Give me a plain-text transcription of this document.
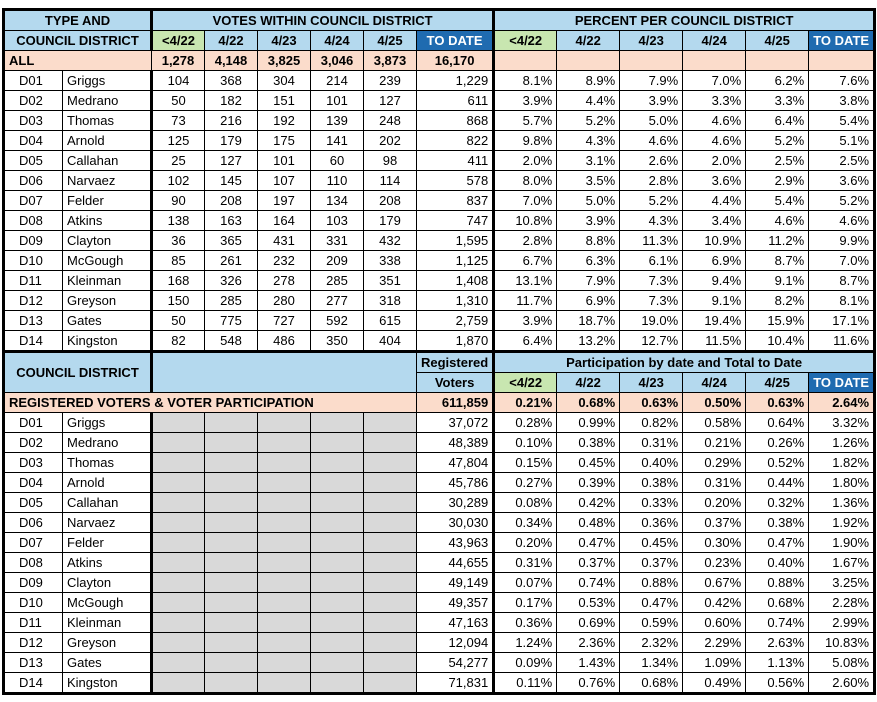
TYPE AND		VOTES WITHIN COUNCIL DISTRICT						PERCENT PER COUNCIL DISTRICT					
COUNCIL DISTRICT		<4/22	4/22	4/23	4/24	4/25	TO DATE	<4/22	4/22	4/23	4/24	4/25	TO DATE
ALL		1,278	4,148	3,825	3,046	3,873	16,170						
D01	Griggs	104	368	304	214	239	1,229	8.1%	8.9%	7.9%	7.0%	6.2%	7.6%
D02	Medrano	50	182	151	101	127	611	3.9%	4.4%	3.9%	3.3%	3.3%	3.8%
D03	Thomas	73	216	192	139	248	868	5.7%	5.2%	5.0%	4.6%	6.4%	5.4%
D04	Arnold	125	179	175	141	202	822	9.8%	4.3%	4.6%	4.6%	5.2%	5.1%
D05	Callahan	25	127	101	60	98	411	2.0%	3.1%	2.6%	2.0%	2.5%	2.5%
D06	Narvaez	102	145	107	110	114	578	8.0%	3.5%	2.8%	3.6%	2.9%	3.6%
D07	Felder	90	208	197	134	208	837	7.0%	5.0%	5.2%	4.4%	5.4%	5.2%
D08	Atkins	138	163	164	103	179	747	10.8%	3.9%	4.3%	3.4%	4.6%	4.6%
D09	Clayton	36	365	431	331	432	1,595	2.8%	8.8%	11.3%	10.9%	11.2%	9.9%
D10	McGough	85	261	232	209	338	1,125	6.7%	6.3%	6.1%	6.9%	8.7%	7.0%
D11	Kleinman	168	326	278	285	351	1,408	13.1%	7.9%	7.3%	9.4%	9.1%	8.7%
D12	Greyson	150	285	280	277	318	1,310	11.7%	6.9%	7.3%	9.1%	8.2%	8.1%
D13	Gates	50	775	727	592	615	2,759	3.9%	18.7%	19.0%	19.4%	15.9%	17.1%
D14	Kingston	82	548	486	350	404	1,870	6.4%	13.2%	12.7%	11.5%	10.4%	11.6%
COUNCIL DISTRICT							Registered	Participation by date and Total to Date					
							Voters	<4/22	4/22	4/23	4/24	4/25	TO DATE
REGISTERED VOTERS & VOTER PARTICIPATION							611,859	0.21%	0.68%	0.63%	0.50%	0.63%	2.64%
D01	Griggs						37,072	0.28%	0.99%	0.82%	0.58%	0.64%	3.32%
D02	Medrano						48,389	0.10%	0.38%	0.31%	0.21%	0.26%	1.26%
D03	Thomas						47,804	0.15%	0.45%	0.40%	0.29%	0.52%	1.82%
D04	Arnold						45,786	0.27%	0.39%	0.38%	0.31%	0.44%	1.80%
D05	Callahan						30,289	0.08%	0.42%	0.33%	0.20%	0.32%	1.36%
D06	Narvaez						30,030	0.34%	0.48%	0.36%	0.37%	0.38%	1.92%
D07	Felder						43,963	0.20%	0.47%	0.45%	0.30%	0.47%	1.90%
D08	Atkins						44,655	0.31%	0.37%	0.37%	0.23%	0.40%	1.67%
D09	Clayton						49,149	0.07%	0.74%	0.88%	0.67%	0.88%	3.25%
D10	McGough						49,357	0.17%	0.53%	0.47%	0.42%	0.68%	2.28%
D11	Kleinman						47,163	0.36%	0.69%	0.59%	0.60%	0.74%	2.99%
D12	Greyson						12,094	1.24%	2.36%	2.32%	2.29%	2.63%	10.83%
D13	Gates						54,277	0.09%	1.43%	1.34%	1.09%	1.13%	5.08%
D14	Kingston						71,831	0.11%	0.76%	0.68%	0.49%	0.56%	2.60%
